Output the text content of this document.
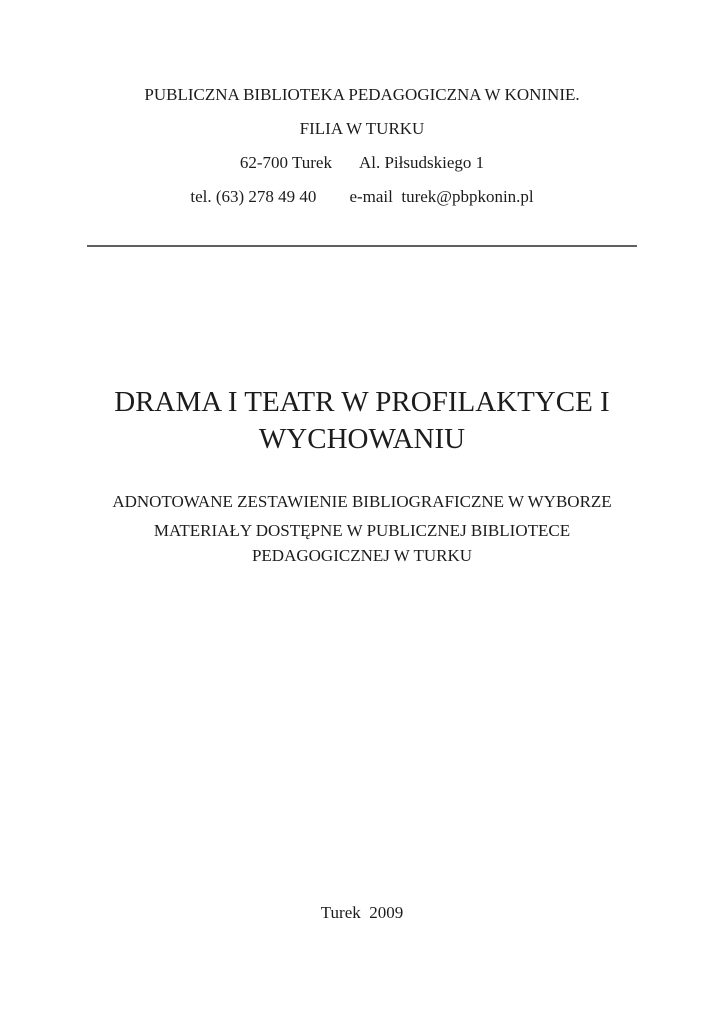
PUBLICZNA BIBLIOTEKA PEDAGOGICZNA W KONINIE.
FILIA W TURKU
62-700 Turek Al. Piłsudskiego 1
tel. (63) 278 49 40 e-mail  turek@pbpkonin.pl
DRAMA I TEATR W PROFILAKTYCE I
WYCHOWANIU
ADNOTOWANE ZESTAWIENIE BIBLIOGRAFICZNE W WYBORZE
MATERIAŁY DOSTĘPNE W PUBLICZNEJ BIBLIOTECE
PEDAGOGICZNEJ W TURKU
Turek  2009
